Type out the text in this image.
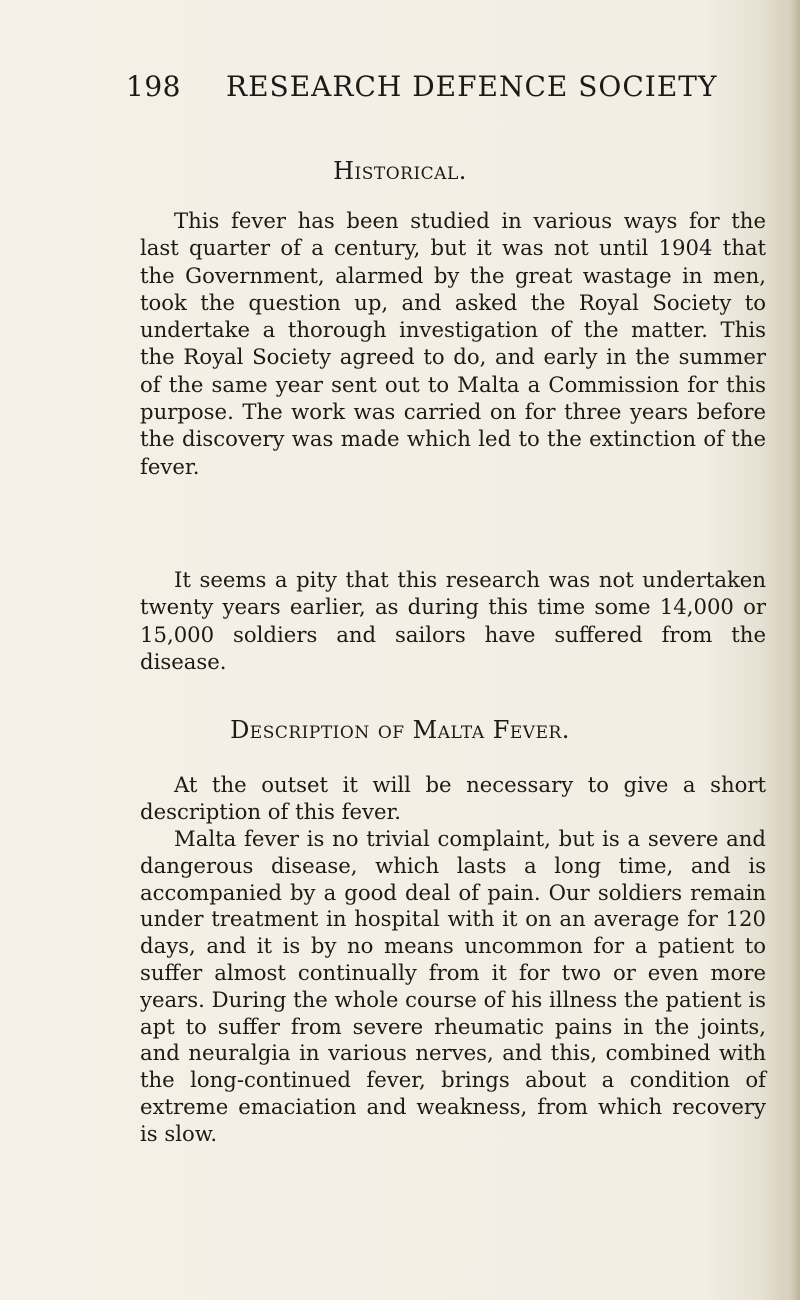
198	RESEARCH DEFENCE SOCIETY
Historical.

This fever has been studied in various ways for the last quarter of a century, but it was not until 1904 that the Government, alarmed by the great wastage in men, took the question up, and asked the Royal Society to undertake a thorough investigation of the matter. This the Royal Society agreed to do, and early in the summer of the same year sent out to Malta a Commission for this purpose. The work was carried on for three years before the discovery was made which led to the extinction of the fever.

It seems a pity that this research was not undertaken twenty years earlier, as during this time some 14,000 or 15,000 soldiers and sailors have suffered from the disease.

Description of Malta Fever.

At the outset it will be necessary to give a short description of this fever.

Malta fever is no trivial complaint, but is a severe and dangerous disease, which lasts a long time, and is accompanied by a good deal of pain. Our soldiers remain under treatment in hospital with it on an average for 120 days, and it is by no means uncommon for a patient to suffer almost continually from it for two or even more years. During the whole course of his illness the patient is apt to suffer from severe rheumatic pains in the joints, and neuralgia in various nerves, and this, combined with the long-continued fever, brings about a condition of extreme emaciation and weakness, from which recovery is slow.
